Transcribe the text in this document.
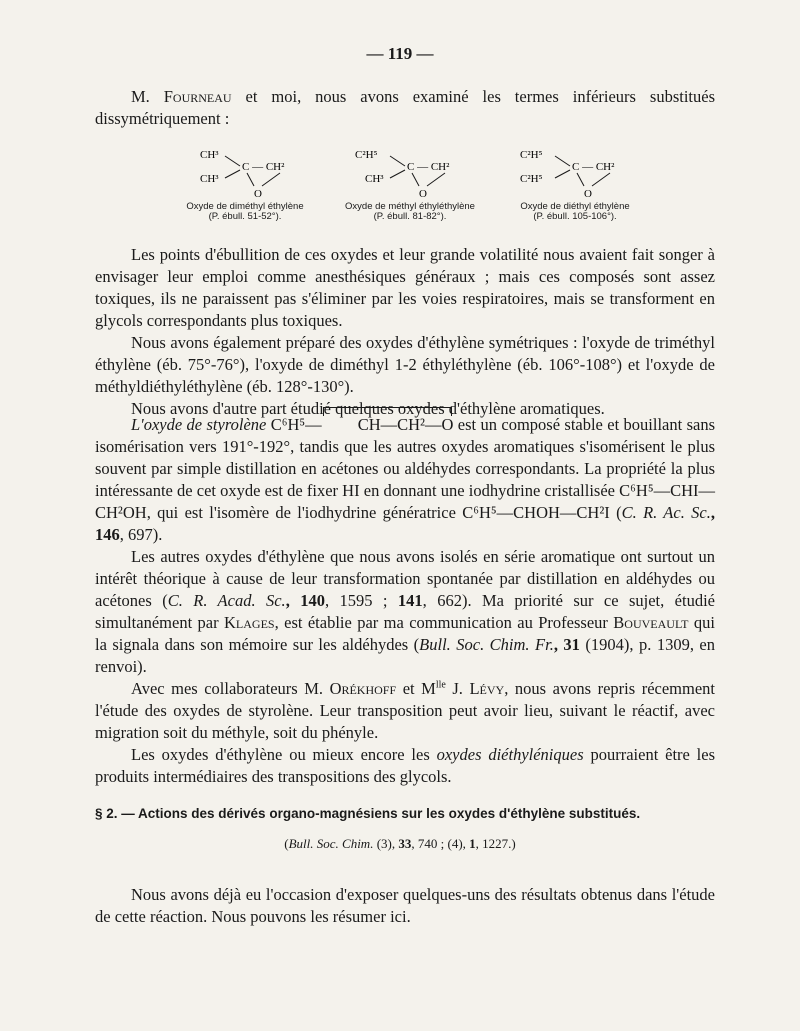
— 119 —

M. Fourneau et moi, nous avons examiné les termes inférieurs substitués dissymétriquement :

CH³
CH³
C — CH²
O
Oxyde de diméthyl éthylène
(P. ébull. 51-52°).
C²H⁵
CH³
C — CH²
O
Oxyde de méthyl éthyléthylène
(P. ébull. 81-82°).
C²H⁵
C²H⁵
C — CH²
O
Oxyde de diéthyl éthylène
(P. ébull. 105-106°).

Les points d'ébullition de ces oxydes et leur grande volatilité nous avaient fait songer à envisager leur emploi comme anesthésiques généraux ; mais ces composés sont assez toxiques, ils ne paraissent pas s'éliminer par les voies respiratoires, mais se transforment en glycols correspondants plus toxiques.

Nous avons également préparé des oxydes d'éthylène symétriques : l'oxyde de triméthyl éthylène (éb. 75°-76°), l'oxyde de diméthyl 1-2 éthyléthylène (éb. 106°-108°) et l'oxyde de méthyldiéthyléthylène (éb. 128°-130°).

Nous avons d'autre part étudié quelques oxydes d'éthylène aromatiques.

L'oxyde de styrolène C⁶H⁵— CH—CH²—O est un composé stable et bouillant sans isomérisation vers 191°-192°, tandis que les autres oxydes aromatiques s'isomérisent le plus souvent par simple distillation en acétones ou aldéhydes correspondants. La propriété la plus intéressante de cet oxyde est de fixer HI en donnant une iodhydrine cristallisée C⁶H⁵—CHI—CH²OH, qui est l'isomère de l'iodhydrine génératrice C⁶H⁵—CHOH—CH²I (C. R. Ac. Sc., 146, 697).

Les autres oxydes d'éthylène que nous avons isolés en série aromatique ont surtout un intérêt théorique à cause de leur transformation spontanée par distillation en aldéhydes ou acétones (C. R. Acad. Sc., 140, 1595 ; 141, 662). Ma priorité sur ce sujet, étudié simultanément par Klages, est établie par ma communication au Professeur Bouveault qui la signala dans son mémoire sur les aldéhydes (Bull. Soc. Chim. Fr., 31 (1904), p. 1309, en renvoi).

Avec mes collaborateurs M. Orékhoff et $M^{lle}$ J. Lévy, nous avons repris récemment l'étude des oxydes de styrolène. Leur transposition peut avoir lieu, suivant le réactif, avec migration soit du méthyle, soit du phényle.

Les oxydes d'éthylène ou mieux encore les oxydes diéthyléniques pourraient être les produits intermédiaires des transpositions des glycols.

§ 2. — Actions des dérivés organo-magnésiens sur les oxydes d'éthylène substitués.
(Bull. Soc. Chim. (3), 33, 740 ; (4), 1, 1227.)

Nous avons déjà eu l'occasion d'exposer quelques-uns des résultats obtenus dans l'étude de cette réaction. Nous pouvons les résumer ici.
